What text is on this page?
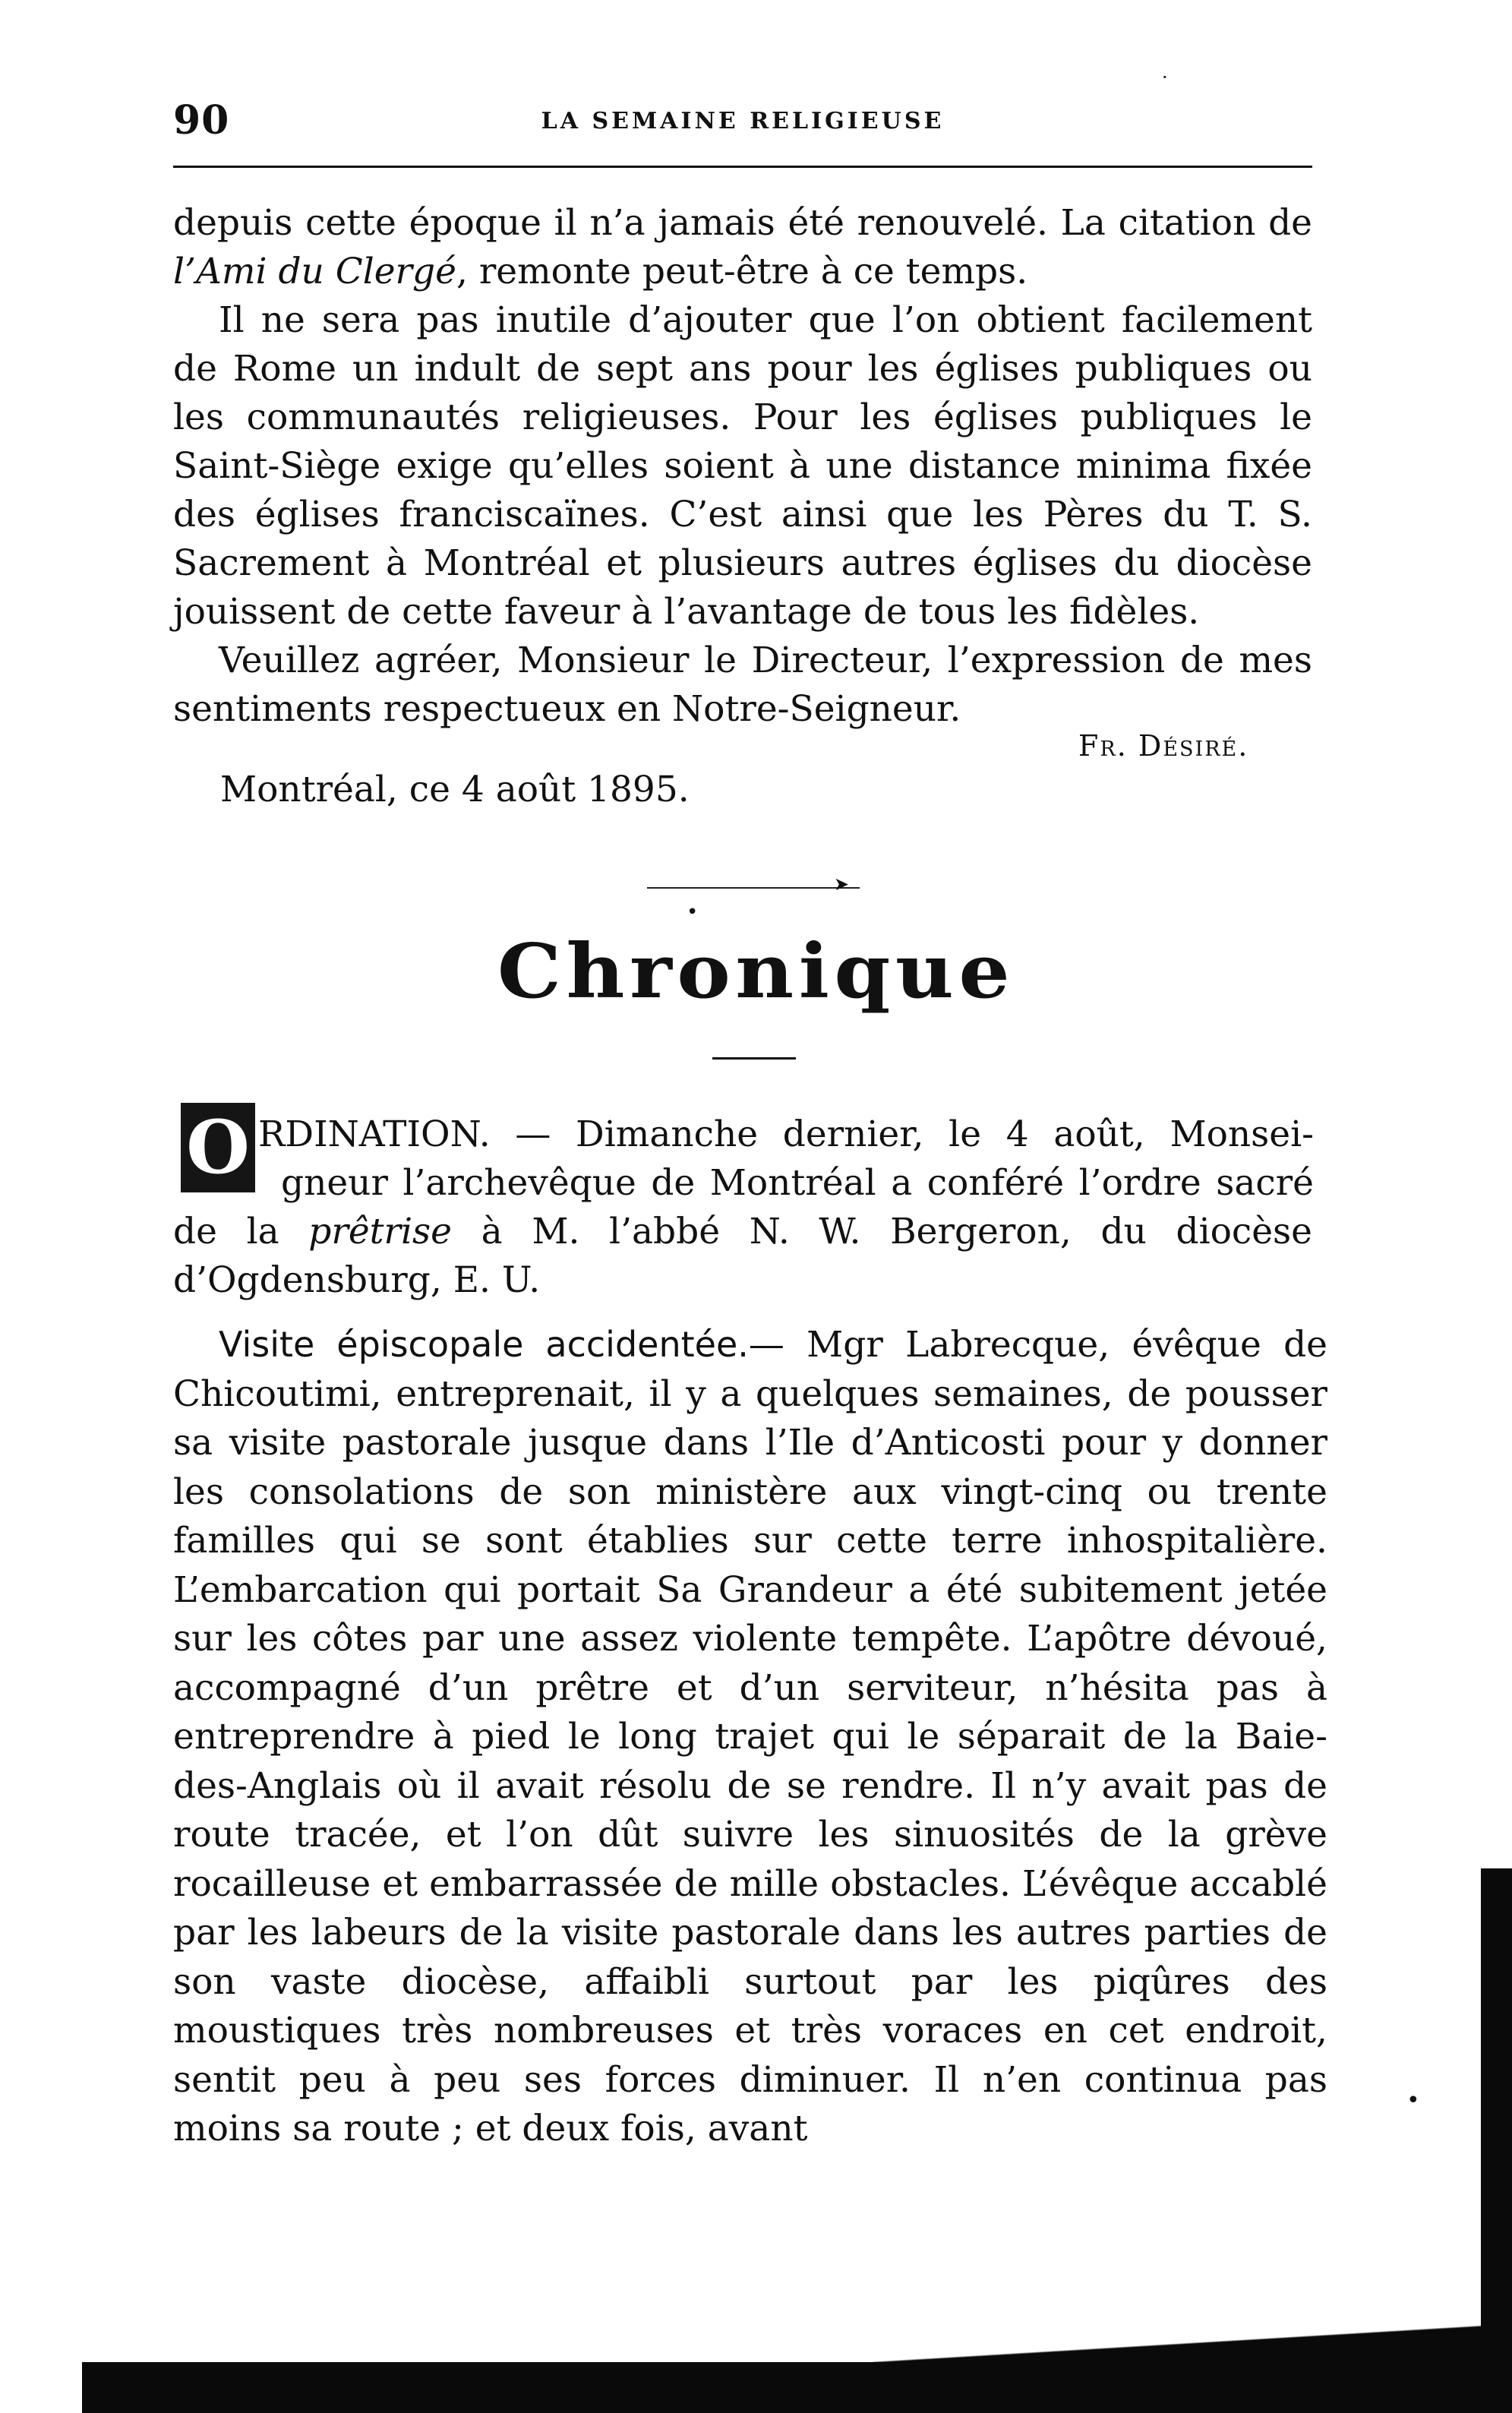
90	LA SEMAINE RELIGIEUSE

depuis cette époque il n’a jamais été renouvelé. La citation de l’Ami du Clergé, remonte peut-être à ce temps.

Il ne sera pas inutile d’ajouter que l’on obtient facilement de Rome un indult de sept ans pour les églises publiques ou les communautés religieuses. Pour les églises publiques le Saint-Siège exige qu’elles soient à une distance minima fixée des églises franciscaïnes. C’est ainsi que les Pères du T. S. Sacrement à Montréal et plusieurs autres églises du diocèse jouissent de cette faveur à l’avantage de tous les fidèles.

Veuillez agréer, Monsieur le Directeur, l’expression de mes sentiments respectueux en Notre-Seigneur.

Fr. Désiré.
Montréal, ce 4 août 1895.
➤
•
Chronique
O RDINATION. — Dimanche dernier, le 4 août, Monsei-
gneur l’archevêque de Montréal a conféré l’ordre sacré
de la prêtrise à M. l’abbé N. W. Bergeron, du diocèse d’Ogdensburg, E. U.

Visite épiscopale accidentée.— Mgr Labrecque, évêque de Chicoutimi, entreprenait, il y a quelques semaines, de pousser sa visite pastorale jusque dans l’Ile d’Anticosti pour y donner les consolations de son ministère aux vingt-cinq ou trente familles qui se sont établies sur cette terre inhospitalière. L’embarcation qui portait Sa Grandeur a été subitement jetée sur les côtes par une assez violente tempête. L’apôtre dévoué, accompagné d’un prêtre et d’un serviteur, n’hésita pas à entreprendre à pied le long trajet qui le séparait de la Baie-des-Anglais où il avait résolu de se rendre. Il n’y avait pas de route tracée, et l’on dût suivre les sinuosités de la grève rocailleuse et embarrassée de mille obstacles. L’évêque accablé par les labeurs de la visite pastorale dans les autres parties de son vaste diocèse, affaibli surtout par les piqûres des moustiques très nombreuses et très voraces en cet endroit, sentit peu à peu ses forces diminuer. Il n’en continua pas moins sa route ; et deux fois, avant

·
•
